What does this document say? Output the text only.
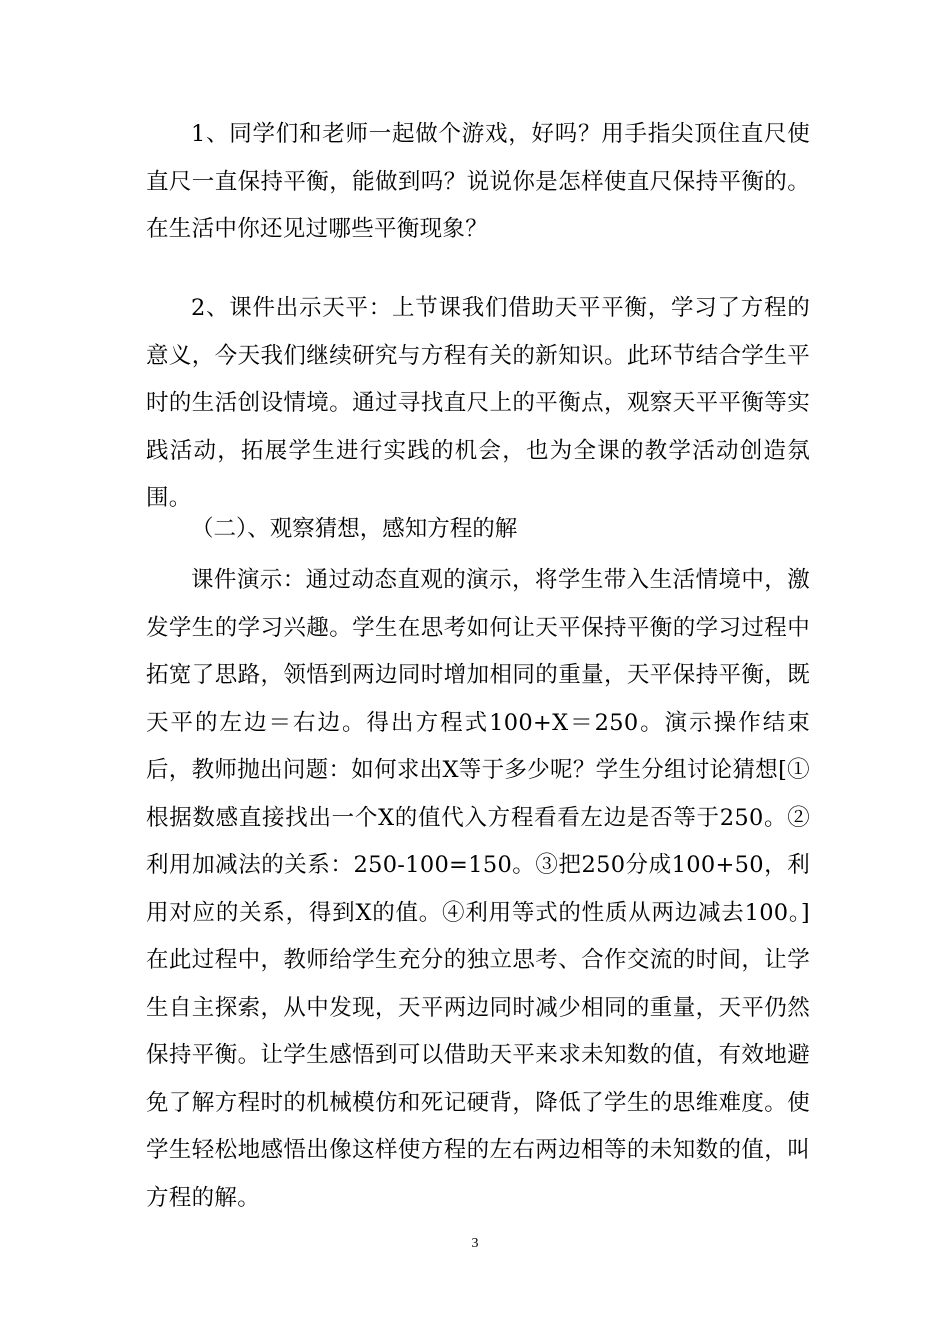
1、同学们和老师一起做个游戏，好吗？用手指尖顶住直尺使直尺一直保持平衡，能做到吗？说说你是怎样使直尺保持平衡的。在生活中你还见过哪些平衡现象？

2、课件出示天平：上节课我们借助天平平衡，学习了方程的意义，今天我们继续研究与方程有关的新知识。此环节结合学生平时的生活创设情境。通过寻找直尺上的平衡点，观察天平平衡等实践活动，拓展学生进行实践的机会，也为全课的教学活动创造氛围。

（二）、观察猜想，感知方程的解

课件演示：通过动态直观的演示，将学生带入生活情境中，激发学生的学习兴趣。学生在思考如何让天平保持平衡的学习过程中拓宽了思路，领悟到两边同时增加相同的重量，天平保持平衡，既天平的左边＝右边。得出方程式100+X＝250。演示操作结束后，教师抛出问题：如何求出X等于多少呢？学生分组讨论猜想[①根据数感直接找出一个X的值代入方程看看左边是否等于250。②利用加减法的关系：250-100=150。③把250分成100+50，利用对应的关系，得到X的值。④利用等式的性质从两边减去100。]在此过程中，教师给学生充分的独立思考、合作交流的时间，让学生自主探索，从中发现，天平两边同时减少相同的重量，天平仍然保持平衡。让学生感悟到可以借助天平来求未知数的值，有效地避免了解方程时的机械模仿和死记硬背，降低了学生的思维难度。使学生轻松地感悟出像这样使方程的左右两边相等的未知数的值，叫方程的解。

3
